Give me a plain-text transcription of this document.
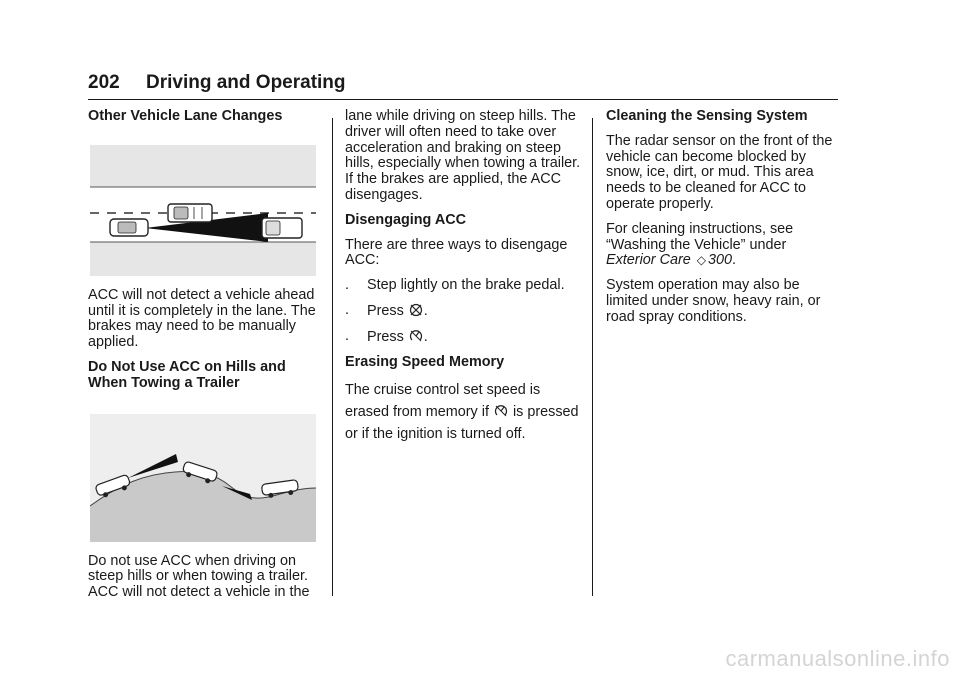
202 Driving and Operating
Other Vehicle Lane Changes

ACC will not detect a vehicle ahead until it is completely in the lane. The brakes may need to be manually applied.

Do Not Use ACC on Hills and When Towing a Trailer

Do not use ACC when driving on steep hills or when towing a trailer. ACC will not detect a vehicle in the

lane while driving on steep hills. The driver will often need to take over acceleration and braking on steep hills, especially when towing a trailer. If the brakes are applied, the ACC disengages.

Disengaging ACC

There are three ways to disengage ACC:

.	Step lightly on the brake pedal.
.	Press .
.	Press .
Erasing Speed Memory
The cruise control set speed is
erased from memory if is pressed
or if the ignition is turned off.
Cleaning the Sensing System

The radar sensor on the front of the vehicle can become blocked by snow, ice, dirt, or mud. This area needs to be cleaned for ACC to operate properly.

For cleaning instructions, see “Washing the Vehicle” under Exterior Care ◇ 300.

System operation may also be limited under snow, heavy rain, or road spray conditions.

carmanualsonline.info
